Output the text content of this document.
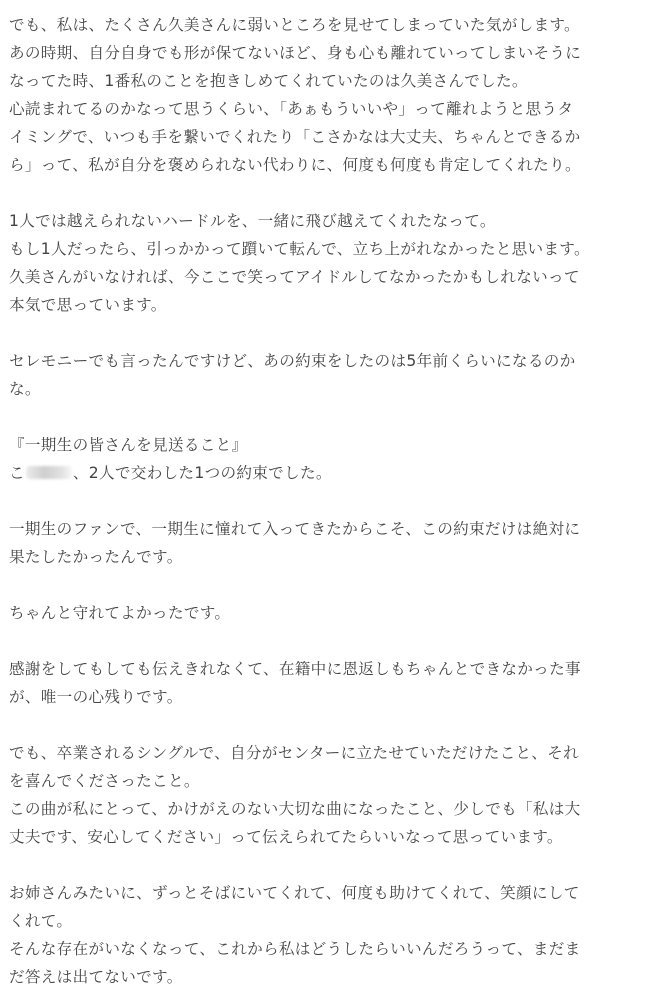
でも、私は、たくさん久美さんに弱いところを見せてしまっていた気がします。
あの時期、自分自身でも形が保てないほど、身も心も離れていってしまいそうに
なってた時、1番私のことを抱きしめてくれていたのは久美さんでした。
心読まれてるのかなって思うくらい、「あぁもういいや」って離れようと思うタ
イミングで、いつも手を繋いでくれたり「こさかなは大丈夫、ちゃんとできるか
ら」って、私が自分を褒められない代わりに、何度も何度も肯定してくれたり。
1人では越えられないハードルを、一緒に飛び越えてくれたなって。
もし1人だったら、引っかかって躓いて転んで、立ち上がれなかったと思います。
久美さんがいなければ、今ここで笑ってアイドルしてなかったかもしれないって
本気で思っています。
セレモニーでも言ったんですけど、あの約束をしたのは5年前くらいになるのか
な。
『一期生の皆さんを見送ること』
こ	、2人で交わした1つの約束でした。
一期生のファンで、一期生に憧れて入ってきたからこそ、この約束だけは絶対に
果たしたかったんです。
ちゃんと守れてよかったです。
感謝をしてもしても伝えきれなくて、在籍中に恩返しもちゃんとできなかった事
が、唯一の心残りです。
でも、卒業されるシングルで、自分がセンターに立たせていただけたこと、それ
を喜んでくださったこと。
この曲が私にとって、かけがえのない大切な曲になったこと、少しでも「私は大
丈夫です、安心してください」って伝えられてたらいいなって思っています。
お姉さんみたいに、ずっとそばにいてくれて、何度も助けてくれて、笑顔にして
くれて。
そんな存在がいなくなって、これから私はどうしたらいいんだろうって、まだま
だ答えは出てないです。
